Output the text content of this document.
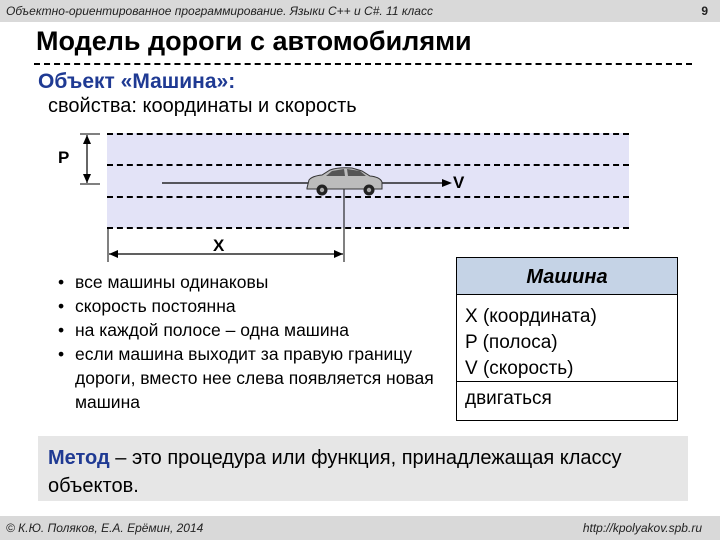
Объектно-ориентированное программирование. Языки С++ и C#. 11 класс	9
Модель дороги с автомобилями
Объект «Машина»:
свойства: координаты и скорость
P
V
X
• все машины одинаковы
• скорость постоянна
• на каждой полосе – одна машина
• если машина выходит за правую границу дороги, вместо нее слева появляется новая машина
Машина
X (координата)
P (полоса)
V (скорость)
двигаться
Метод – это процедура или функция, принадлежащая классу объектов.
© К.Ю. Поляков, Е.А. Ерёмин, 2014	http://kpolyakov.spb.ru
